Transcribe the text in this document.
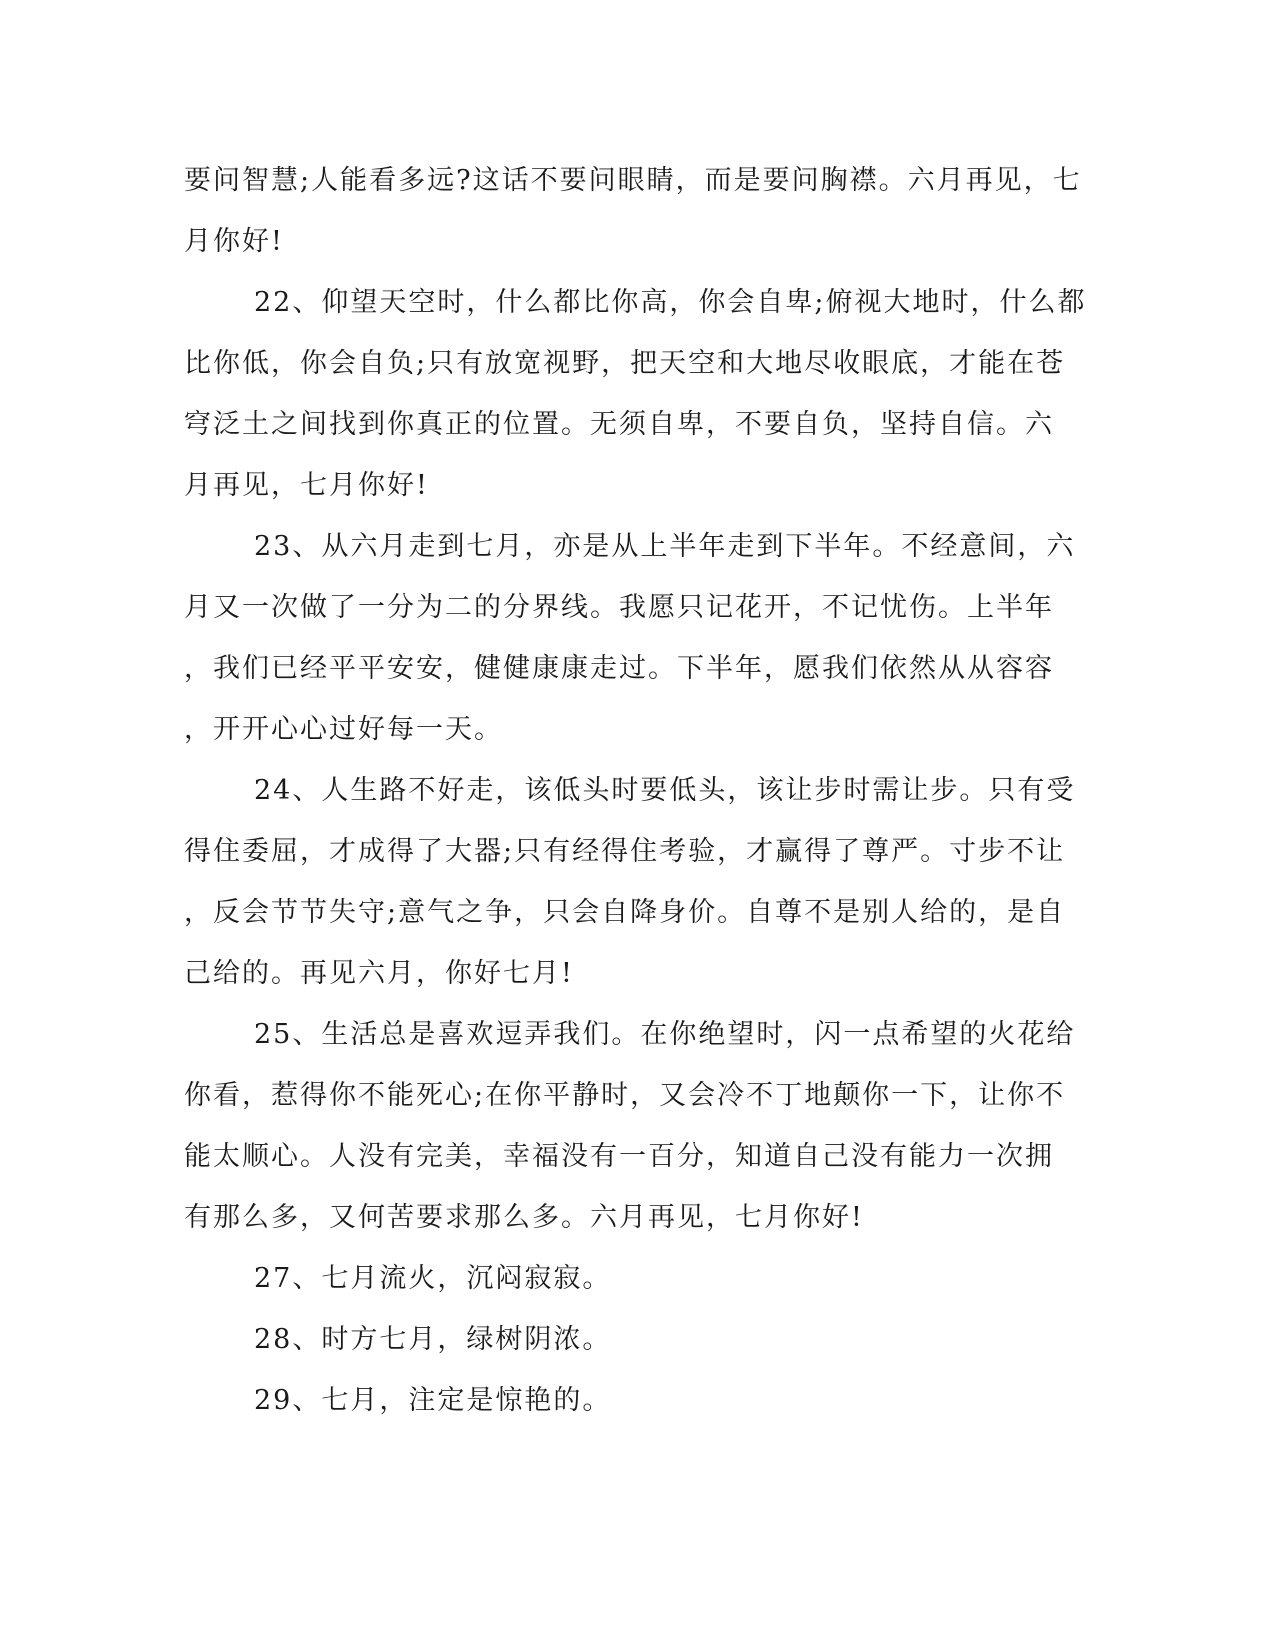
要问智慧;人能看多远?这话不要问眼睛，而是要问胸襟。六月再见，七
月你好!
22、仰望天空时，什么都比你高，你会自卑;俯视大地时，什么都
比你低，你会自负;只有放宽视野，把天空和大地尽收眼底，才能在苍
穹泛土之间找到你真正的位置。无须自卑，不要自负，坚持自信。六
月再见，七月你好!
23、从六月走到七月，亦是从上半年走到下半年。不经意间，六
月又一次做了一分为二的分界线。我愿只记花开，不记忧伤。上半年
，我们已经平平安安，健健康康走过。下半年，愿我们依然从从容容
，开开心心过好每一天。
24、人生路不好走，该低头时要低头，该让步时需让步。只有受
得住委屈，才成得了大器;只有经得住考验，才赢得了尊严。寸步不让
，反会节节失守;意气之争，只会自降身价。自尊不是别人给的，是自
己给的。再见六月，你好七月!
25、生活总是喜欢逗弄我们。在你绝望时，闪一点希望的火花给
你看，惹得你不能死心;在你平静时，又会冷不丁地颠你一下，让你不
能太顺心。人没有完美，幸福没有一百分，知道自己没有能力一次拥
有那么多，又何苦要求那么多。六月再见，七月你好!
27、七月流火，沉闷寂寂。
28、时方七月，绿树阴浓。
29、七月，注定是惊艳的。
